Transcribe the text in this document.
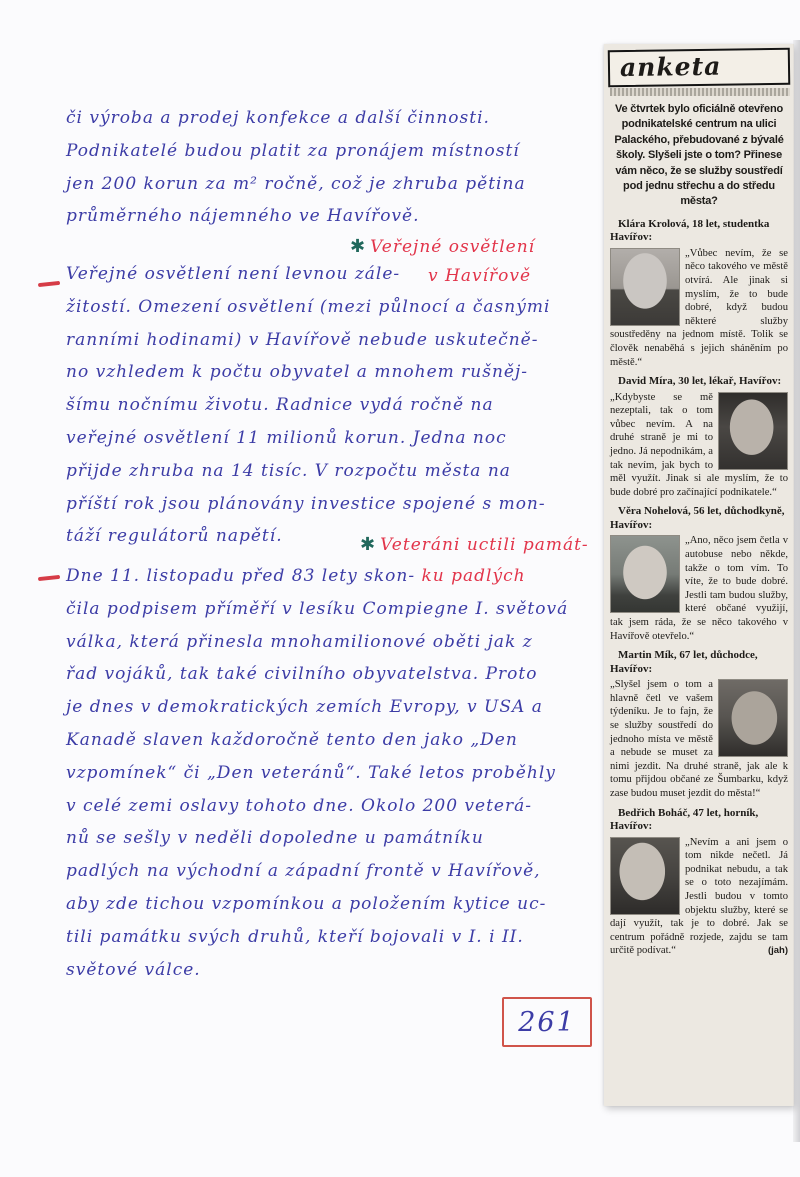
či výroba a prodej konfekce a další činnosti.
Podnikatelé budou platit za pronájem místností
jen 200 korun za m² ročně, což je zhruba pětina
průměrného nájemného ve Havířově.
✱ Veřejné osvětlení
v Havířově
Veřejné osvětlení není levnou zále-
žitostí. Omezení osvětlení (mezi půlnocí a časnými
ranními hodinami) v Havířově nebude uskutečně-
no vzhledem k počtu obyvatel a mnohem rušněj-
šímu nočnímu životu. Radnice vydá ročně na
veřejné osvětlení 11 milionů korun. Jedna noc
přijde zhruba na 14 tisíc. V rozpočtu města na
příští rok jsou plánovány investice spojené s mon-
táží regulátorů napětí.	✱ Veteráni uctili památ-
Dne 11. listopadu před 83 lety skon- ku padlých
čila podpisem příměří v lesíku Compiegne I. světová
válka, která přinesla mnohamilionové oběti jak z
řad vojáků, tak také civilního obyvatelstva. Proto
je dnes v demokratických zemích Evropy, v USA a
Kanadě slaven každoročně tento den jako „Den
vzpomínek“ či „Den veteránů“. Také letos proběhly
v celé zemi oslavy tohoto dne. Okolo 200 veterá-
nů se sešly v neděli dopoledne u památníku
padlých na východní a západní frontě v Havířově,
aby zde tichou vzpomínkou a položením kytice uc-
tili památku svých druhů, kteří bojovali v I. i II.
světové válce.
261
anketa
Ve čtvrtek bylo oficiálně otevřeno podnikatelské centrum na ulici Palackého, přebudované z bývalé školy. Slyšeli jste o tom? Přinese vám něco, že se služby soustředí pod jednu střechu a do středu města?
Klára Krolová, 18 let, studentka Havířov:
„Vůbec nevím, že se něco takového ve městě otvírá. Ale jinak si myslím, že to bude dobré, když budou některé služby soustředěny na jednom místě. Tolik se člověk nenaběhá s jejich sháněním po městě.“
David Míra, 30 let, lékař, Havířov:
„Kdybyste se mě nezeptali, tak o tom vůbec nevím. A na druhé straně je mi to jedno. Já nepodnikám, a tak nevím, jak bych to měl využít. Jinak si ale myslím, že to bude dobré pro začínající podnikatele.“
Věra Nohelová, 56 let, důchodkyně, Havířov:
„Ano, něco jsem četla v autobuse nebo někde, takže o tom vím. To víte, že to bude dobré. Jestli tam budou služby, které občané využijí, tak jsem ráda, že se něco takového v Havířově otevřelo.“
Martin Mík, 67 let, důchodce, Havířov:
„Slyšel jsem o tom a hlavně četl ve vašem týdeníku. Je to fajn, že se služby soustředí do jednoho místa ve městě a nebude se muset za nimi jezdit. Na druhé straně, jak ale k tomu přijdou občané ze Šumbarku, když zase budou muset jezdit do města!“
Bedřich Boháč, 47 let, horník, Havířov:
„Nevím a ani jsem o tom nikde nečetl. Já podnikat nebudu, a tak se o toto nezajímám. Jestli budou v tomto objektu služby, které se dají využít, tak je to dobré. Jak se centrum pořádně rozjede, zajdu se tam určitě podívat.“	(jah)
